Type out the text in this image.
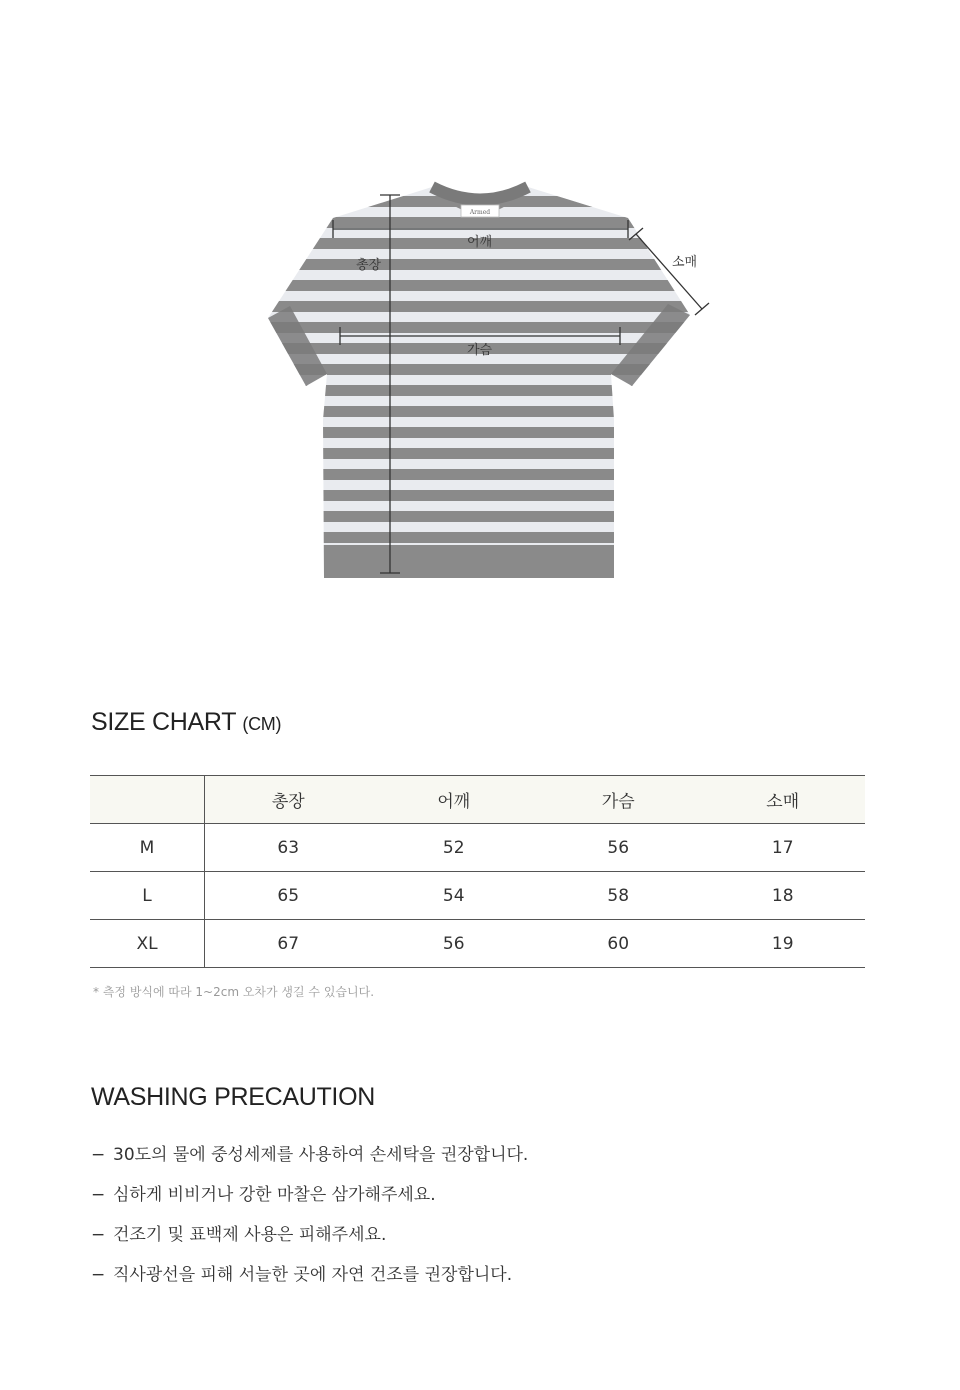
Armed
총장
어깨
가슴
소매
SIZE CHART (CM)
	총장	어깨	가슴	소매
M	63	52	56	17
L	65	54	58	18
XL	67	56	60	19
* 측정 방식에 따라 1~2cm 오차가 생길 수 있습니다.
WASHING PRECAUTION
− 30도의 물에 중성세제를 사용하여 손세탁을 권장합니다.
− 심하게 비비거나 강한 마찰은 삼가해주세요.
− 건조기 및 표백제 사용은 피해주세요.
− 직사광선을 피해 서늘한 곳에 자연 건조를 권장합니다.
